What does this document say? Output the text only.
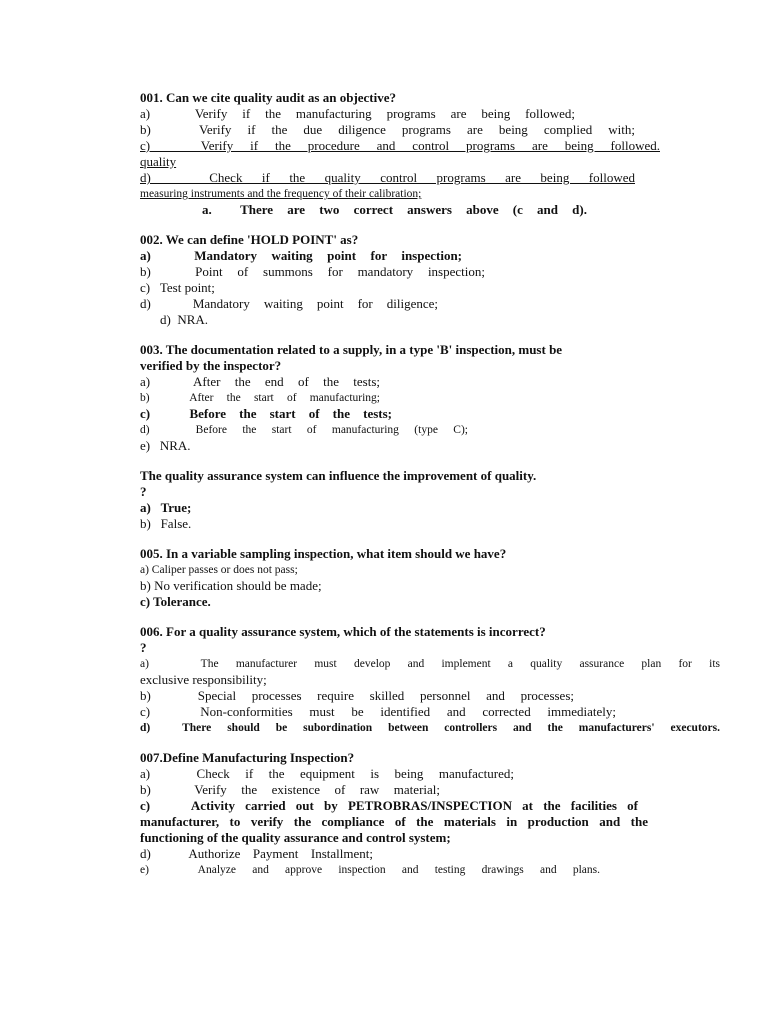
001. Can we cite quality audit as an objective?
a)   Verify if the manufacturing programs are being followed;
b)   Verify if the due diligence programs are being complied with;
c)   Verify if the procedure and control programs are being followed.
quality
d)   Check if the quality control programs are being followed
measuring instruments and the frequency of their calibration;
a.  There are two correct answers above (c and d).
002. We can define 'HOLD POINT' as?
a)   Mandatory waiting point for inspection;
b)   Point of summons for mandatory inspection;
c)   Test point;
d)   Mandatory waiting point for diligence;
d)  NRA.
003. The documentation related to a supply, in a type 'B' inspection, must be
verified by the inspector?
a)   After the end of the tests;
b)   After the start of manufacturing;
c)   Before the start of the tests;
d)   Before the start of manufacturing (type C);
e)   NRA.
The quality assurance system can influence the improvement of quality.
?
a)   True;
b)   False.
005. In a variable sampling inspection, what item should we have?
a) Caliper passes or does not pass;
b) No verification should be made;
c) Tolerance.
006. For a quality assurance system, which of the statements is incorrect?
?
a)   The manufacturer must develop and implement a quality assurance plan for its
exclusive responsibility;
b)   Special processes require skilled personnel and processes;
c)   Non-conformities must be identified and corrected immediately;
d)  There should be subordination between controllers and the manufacturers' executors.
007.Define Manufacturing Inspection?
a)   Check if the equipment is being manufactured;
b)   Verify the existence of raw material;
c)    Activity carried out by PETROBRAS/INSPECTION at the facilities of
manufacturer, to verify the compliance of the materials in production and the
functioning of the quality assurance and control system;
d)   Authorize Payment Installment;
e)   Analyze and approve inspection and testing drawings and plans.
